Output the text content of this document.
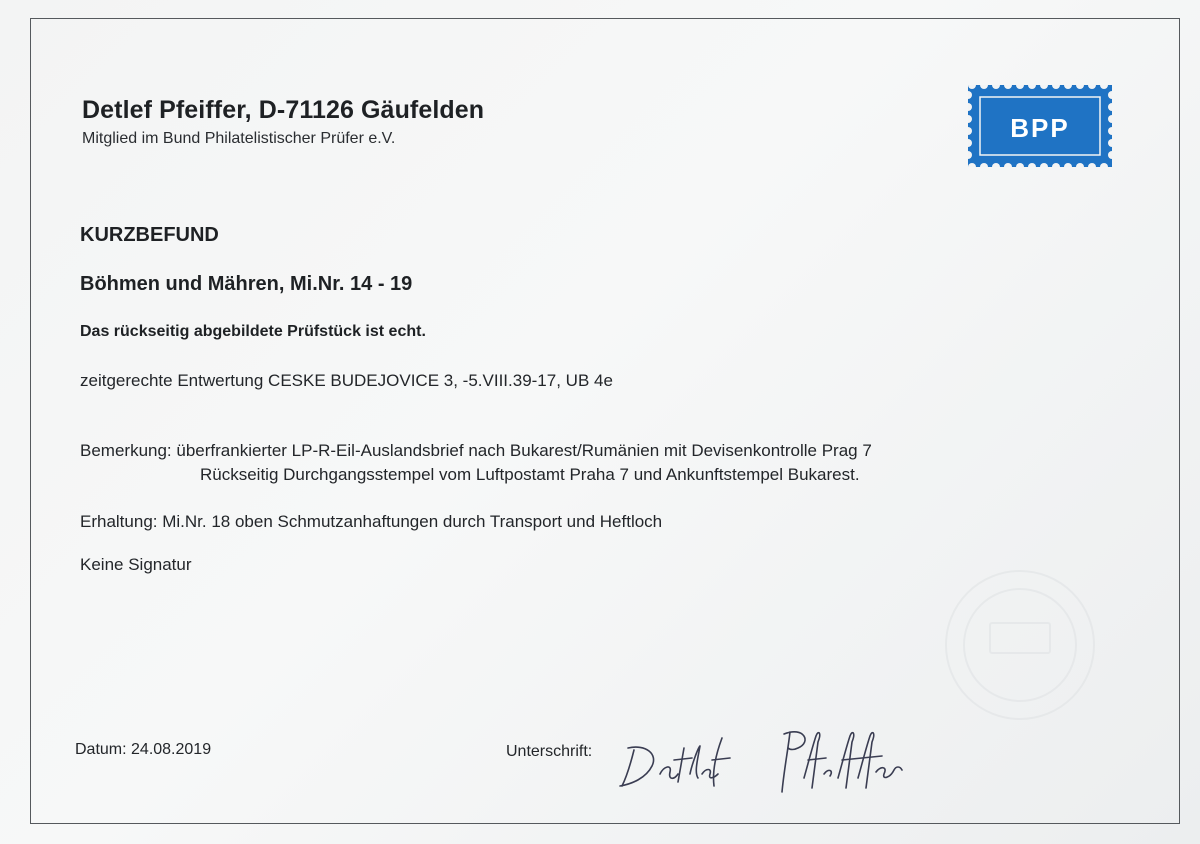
Detlef Pfeiffer, D-71126 Gäufelden
Mitglied im Bund Philatelistischer Prüfer e.V.	BPP
KURZBEFUND
Böhmen und Mähren, Mi.Nr. 14 - 19
Das rückseitig abgebildete Prüfstück ist echt.
zeitgerechte Entwertung CESKE BUDEJOVICE 3, -5.VIII.39-17, UB 4e
Bemerkung: überfrankierter LP-R-Eil-Auslandsbrief nach Bukarest/Rumänien mit Devisenkontrolle Prag 7
Rückseitig Durchgangsstempel vom Luftpostamt Praha 7 und Ankunftstempel Bukarest.
Erhaltung: Mi.Nr. 18 oben Schmutzanhaftungen durch Transport und Heftloch
Keine Signatur
Datum: 24.08.2019	Unterschrift:
